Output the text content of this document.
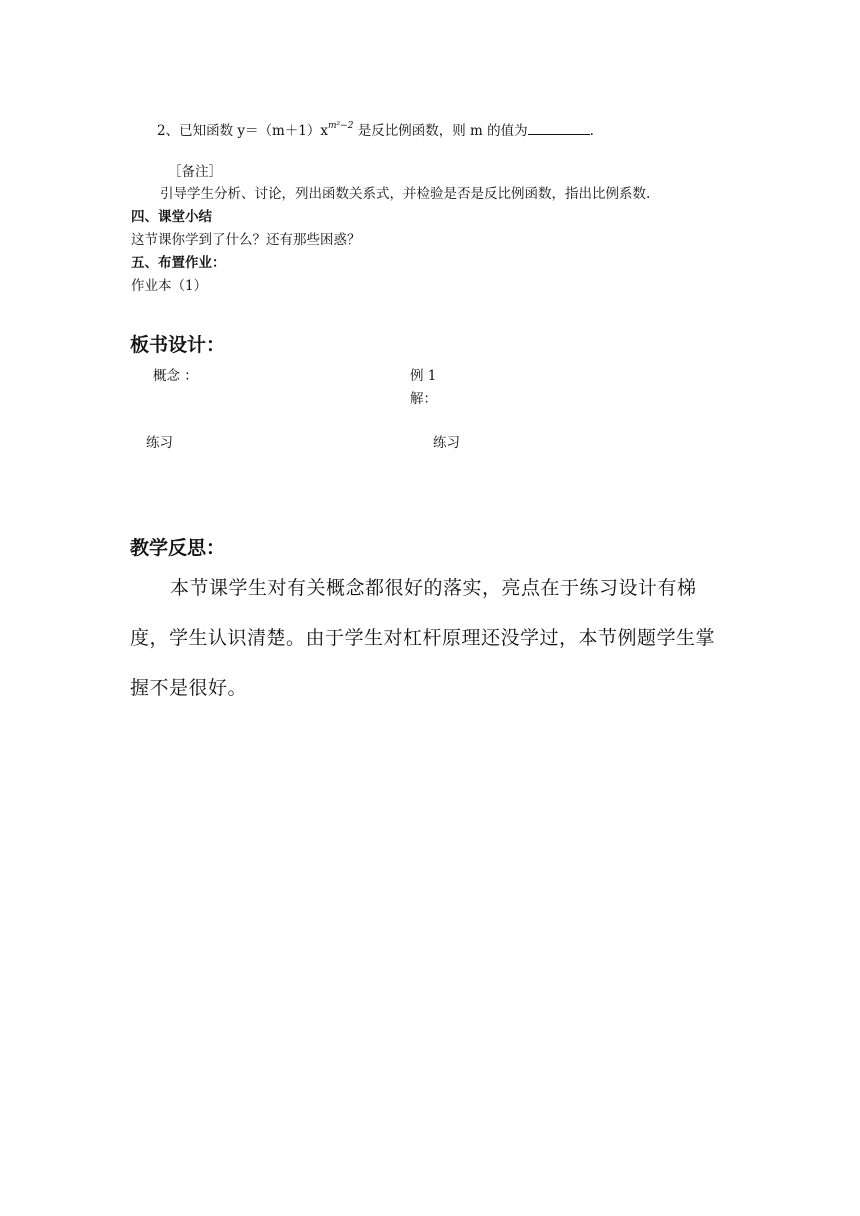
2、已知函数 $y=(m+1)x^{m^2-2}$ 是反比例函数，则 m 的值为	.
［备注］
引导学生分析、讨论，列出函数关系式，并检验是否是反比例函数，指出比例系数.
四、课堂小结
这节课你学到了什么？还有那些困惑？
五、布置作业：
作业本（1）
板书设计：
概念 ：	例 1
解：
练习	练习
教学反思：
本节课学生对有关概念都很好的落实，亮点在于练习设计有梯度，学生认识清楚。由于学生对杠杆原理还没学过，本节例题学生掌握不是很好。
